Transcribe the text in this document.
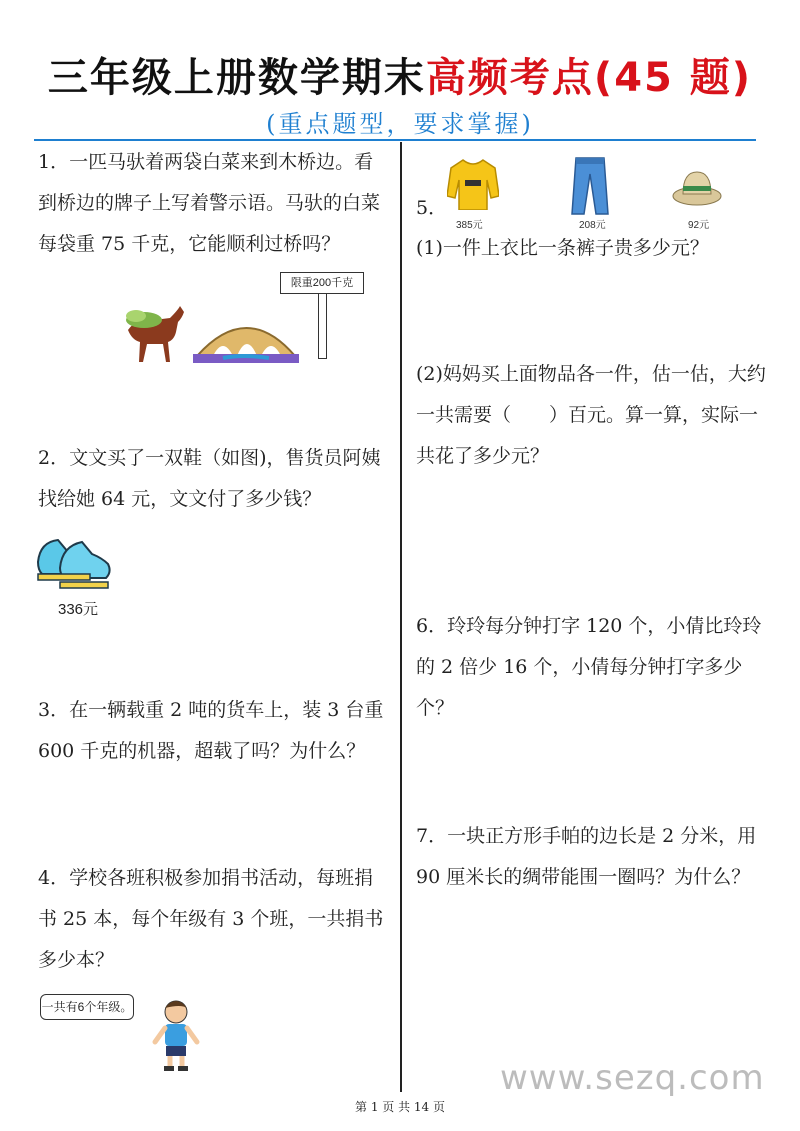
三年级上册数学期末高频考点(45 题)
(重点题型，要求掌握)
1．一匹马驮着两袋白菜来到木桥边。看到桥边的牌子上写着警示语。马驮的白菜每袋重 75 千克，它能顺利过桥吗？
限重200千克
2．文文买了一双鞋（如图)，售货员阿姨找给她 64 元，文文付了多少钱？
336元
3．在一辆载重 2 吨的货车上，装 3 台重 600 千克的机器，超载了吗？为什么？
4．学校各班积极参加捐书活动，每班捐书 25 本，每个年级有 3 个班，一共捐书多少本？
一共有6个年级。
5．
385元	208元	92元
(1)一件上衣比一条裤子贵多少元？
(2)妈妈买上面物品各一件，估一估，大约一共需要（　　）百元。算一算，实际一共花了多少元？
6．玲玲每分钟打字 120 个，小倩比玲玲的 2 倍少 16 个，小倩每分钟打字多少个？
7．一块正方形手帕的边长是 2 分米，用 90 厘米长的绸带能围一圈吗？为什么？
www.sezq.com
第 1 页 共 14 页
